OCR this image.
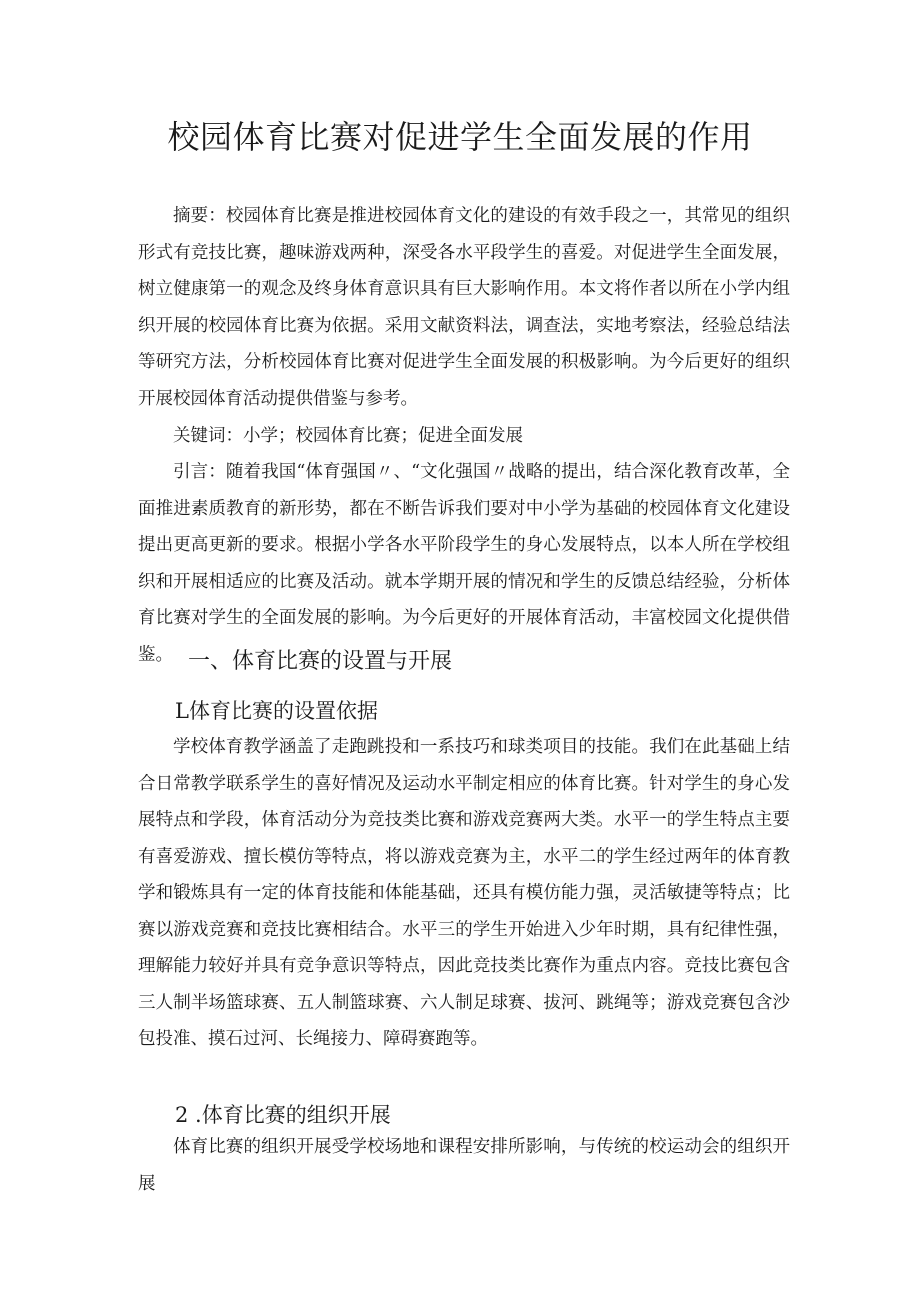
校园体育比赛对促进学生全面发展的作用

摘要：校园体育比赛是推进校园体育文化的建设的有效手段之一，其常见的组织形式有竞技比赛，趣味游戏两种，深受各水平段学生的喜爱。对促进学生全面发展，树立健康第一的观念及终身体育意识具有巨大影响作用。本文将作者以所在小学内组织开展的校园体育比赛为依据。采用文献资料法，调查法，实地考察法，经验总结法等研究方法，分析校园体育比赛对促进学生全面发展的积极影响。为今后更好的组织开展校园体育活动提供借鉴与参考。

关键词：小学；校园体育比赛；促进全面发展

引言：随着我国“体育强国〃、“文化强国〃战略的提出，结合深化教育改革，全面推进素质教育的新形势，都在不断告诉我们要对中小学为基础的校园体育文化建设提出更高更新的要求。根据小学各水平阶段学生的身心发展特点，以本人所在学校组织和开展相适应的比赛及活动。就本学期开展的情况和学生的反馈总结经验，分析体育比赛对学生的全面发展的影响。为今后更好的开展体育活动，丰富校园文化提供借鉴。 一、体育比赛的设置与开展
L体育比赛的设置依据

学校体育教学涵盖了走跑跳投和一系技巧和球类项目的技能。我们在此基础上结合日常教学联系学生的喜好情况及运动水平制定相应的体育比赛。针对学生的身心发展特点和学段，体育活动分为竞技类比赛和游戏竞赛两大类。水平一的学生特点主要有喜爱游戏、擅长模仿等特点，将以游戏竞赛为主，水平二的学生经过两年的体育教学和锻炼具有一定的体育技能和体能基础，还具有模仿能力强，灵活敏捷等特点；比赛以游戏竞赛和竞技比赛相结合。水平三的学生开始进入少年时期，具有纪律性强，理解能力较好并具有竞争意识等特点，因此竞技类比赛作为重点内容。竞技比赛包含三人制半场篮球赛、五人制篮球赛、六人制足球赛、拔河、跳绳等；游戏竞赛包含沙包投准、摸石过河、长绳接力、障碍赛跑等。

2 .体育比赛的组织开展

体育比赛的组织开展受学校场地和课程安排所影响，与传统的校运动会的组织开展
